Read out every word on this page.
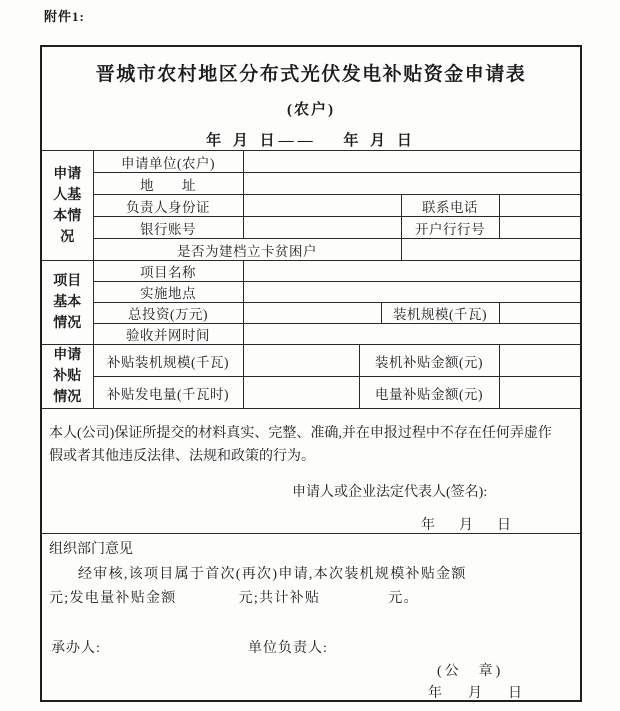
附件1:
晋城市农村地区分布式光伏发电补贴资金申请表
(农户)
年 月 日——　 年 月 日						

申请人基本情况	申请单位(农户)					
	地　　址					
	负责人身份证				联系电话	
	银行账号				开户行行号	
	是否为建档立卡贫困户					
项目基本情况	项目名称					
	实施地点					
	总投资(万元)			装机规模(千瓦)		
	验收并网时间					
申请补贴情况	补贴装机规模(千瓦)		装机补贴金额(元)			
	补贴发电量(千瓦时)		电量补贴金额(元)			

本人(公司)保证所提交的材料真实、完整、准确,并在申报过程中不存在任何弄虚作假或者其他违反法律、法规和政策的行为。
申请人或企业法定代表人(签名):
年　月　日						

组织部门意见
经审核,该项目属于首次(再次)申请,本次装机规模补贴金额
元;发电量补贴金额	元;共计补贴	元。
承办人:	单位负责人:
(公　章)
年　月　日
